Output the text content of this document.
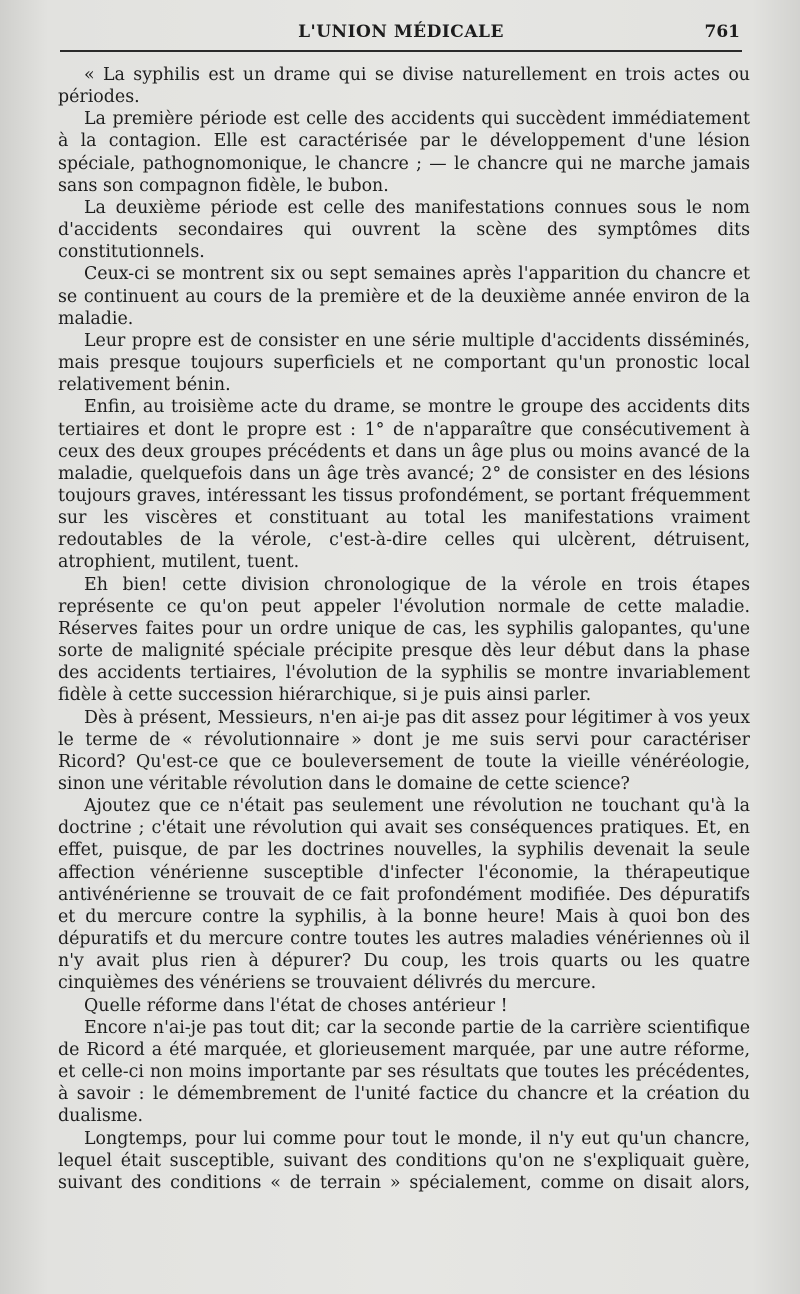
L'UNION MÉDICALE	761

« La syphilis est un drame qui se divise naturellement en trois actes ou périodes.

La première période est celle des accidents qui succèdent immédiatement à la contagion. Elle est caractérisée par le développement d'une lésion spéciale, pathognomonique, le chancre ; — le chancre qui ne marche jamais sans son compagnon fidèle, le bubon.

La deuxième période est celle des manifestations connues sous le nom d'accidents secondaires qui ouvrent la scène des symptômes dits constitutionnels.

Ceux-ci se montrent six ou sept semaines après l'apparition du chancre et se continuent au cours de la première et de la deuxième année environ de la maladie.

Leur propre est de consister en une série multiple d'accidents disséminés, mais presque toujours superficiels et ne comportant qu'un pronostic local relativement bénin.

Enfin, au troisième acte du drame, se montre le groupe des accidents dits tertiaires et dont le propre est : 1° de n'apparaître que consécutivement à ceux des deux groupes précédents et dans un âge plus ou moins avancé de la maladie, quelquefois dans un âge très avancé; 2° de consister en des lésions toujours graves, intéressant les tissus profondément, se portant fréquemment sur les viscères et constituant au total les manifestations vraiment redoutables de la vérole, c'est-à-dire celles qui ulcèrent, détruisent, atrophient, mutilent, tuent.

Eh bien! cette division chronologique de la vérole en trois étapes représente ce qu'on peut appeler l'évolution normale de cette maladie. Réserves faites pour un ordre unique de cas, les syphilis galopantes, qu'une sorte de malignité spéciale précipite presque dès leur début dans la phase des accidents tertiaires, l'évolution de la syphilis se montre invariablement fidèle à cette succession hiérarchique, si je puis ainsi parler.

Dès à présent, Messieurs, n'en ai-je pas dit assez pour légitimer à vos yeux le terme de « révolutionnaire » dont je me suis servi pour caractériser Ricord? Qu'est-ce que ce bouleversement de toute la vieille vénéréologie, sinon une véritable révolution dans le domaine de cette science?

Ajoutez que ce n'était pas seulement une révolution ne touchant qu'à la doctrine ; c'était une révolution qui avait ses conséquences pratiques. Et, en effet, puisque, de par les doctrines nouvelles, la syphilis devenait la seule affection vénérienne susceptible d'infecter l'économie, la thérapeutique antivénérienne se trouvait de ce fait profondément modifiée. Des dépuratifs et du mercure contre la syphilis, à la bonne heure! Mais à quoi bon des dépuratifs et du mercure contre toutes les autres maladies vénériennes où il n'y avait plus rien à dépurer? Du coup, les trois quarts ou les quatre cinquièmes des vénériens se trouvaient délivrés du mercure.

Quelle réforme dans l'état de choses antérieur !

Encore n'ai-je pas tout dit; car la seconde partie de la carrière scientifique de Ricord a été marquée, et glorieusement marquée, par une autre réforme, et celle-ci non moins importante par ses résultats que toutes les précédentes, à savoir : le démembrement de l'unité factice du chancre et la création du dualisme.

Longtemps, pour lui comme pour tout le monde, il n'y eut qu'un chancre, lequel était susceptible, suivant des conditions qu'on ne s'expliquait guère, suivant des conditions « de terrain » spécialement, comme on disait alors,
